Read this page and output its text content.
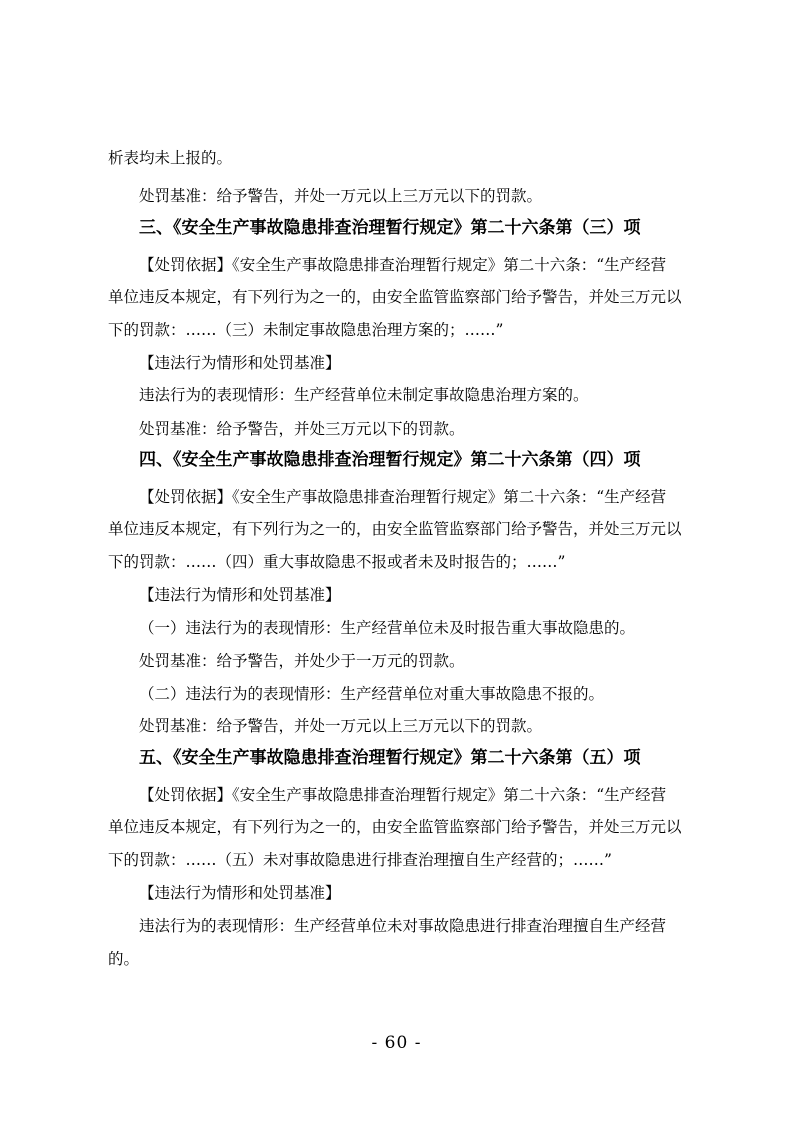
析表均未上报的。
处罚基准：给予警告，并处一万元以上三万元以下的罚款。
三、《安全生产事故隐患排查治理暂行规定》第二十六条第（三）项
【处罚依据】《安全生产事故隐患排查治理暂行规定》第二十六条：“生产经营
单位违反本规定，有下列行为之一的，由安全监管监察部门给予警告，并处三万元以
下的罚款：……（三）未制定事故隐患治理方案的；……”
【违法行为情形和处罚基准】
违法行为的表现情形：生产经营单位未制定事故隐患治理方案的。
处罚基准：给予警告，并处三万元以下的罚款。
四、《安全生产事故隐患排查治理暂行规定》第二十六条第（四）项
【处罚依据】《安全生产事故隐患排查治理暂行规定》第二十六条：“生产经营
单位违反本规定，有下列行为之一的，由安全监管监察部门给予警告，并处三万元以
下的罚款：……（四）重大事故隐患不报或者未及时报告的；……”
【违法行为情形和处罚基准】
（一）违法行为的表现情形：生产经营单位未及时报告重大事故隐患的。
处罚基准：给予警告，并处少于一万元的罚款。
（二）违法行为的表现情形：生产经营单位对重大事故隐患不报的。
处罚基准：给予警告，并处一万元以上三万元以下的罚款。
五、《安全生产事故隐患排查治理暂行规定》第二十六条第（五）项
【处罚依据】《安全生产事故隐患排查治理暂行规定》第二十六条：“生产经营
单位违反本规定，有下列行为之一的，由安全监管监察部门给予警告，并处三万元以
下的罚款：……（五）未对事故隐患进行排查治理擅自生产经营的；……”
【违法行为情形和处罚基准】
违法行为的表现情形：生产经营单位未对事故隐患进行排查治理擅自生产经营
的。
- 60 -
